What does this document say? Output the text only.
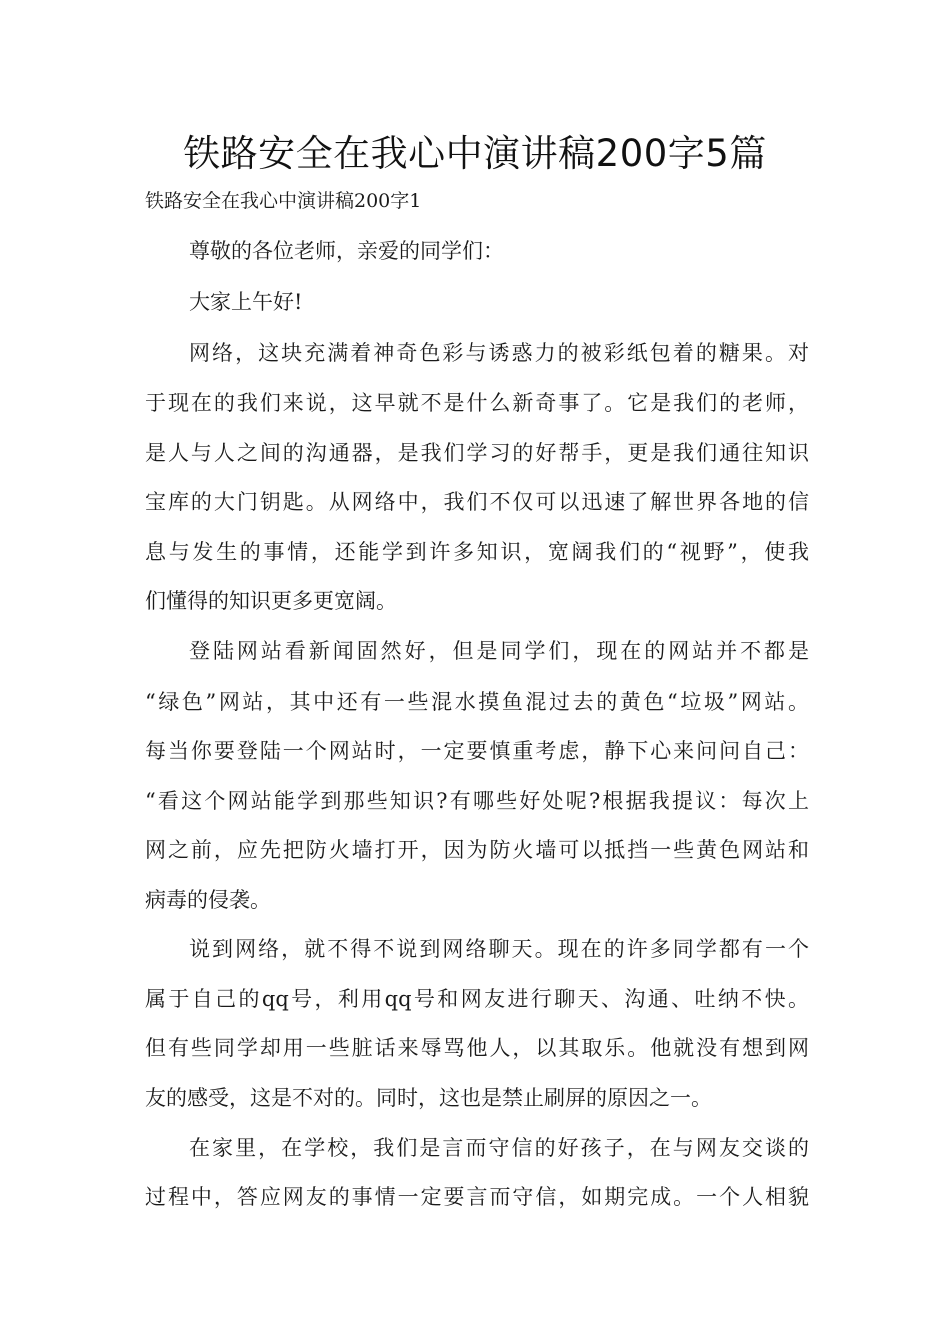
铁路安全在我心中演讲稿200字5篇
铁路安全在我心中演讲稿200字1
尊敬的各位老师，亲爱的同学们：
大家上午好!
网络，这块充满着神奇色彩与诱惑力的被彩纸包着的糖果。对
于现在的我们来说，这早就不是什么新奇事了。它是我们的老师，
是人与人之间的沟通器，是我们学习的好帮手，更是我们通往知识
宝库的大门钥匙。从网络中，我们不仅可以迅速了解世界各地的信
息与发生的事情，还能学到许多知识，宽阔我们的“视野”，使我
们懂得的知识更多更宽阔。
登陆网站看新闻固然好，但是同学们，现在的网站并不都是
“绿色”网站，其中还有一些混水摸鱼混过去的黄色“垃圾”网站。
每当你要登陆一个网站时，一定要慎重考虑，静下心来问问自己：
“看这个网站能学到那些知识?有哪些好处呢?根据我提议：每次上
网之前，应先把防火墙打开，因为防火墙可以抵挡一些黄色网站和
病毒的侵袭。
说到网络，就不得不说到网络聊天。现在的许多同学都有一个
属于自己的qq号，利用qq号和网友进行聊天、沟通、吐纳不快。
但有些同学却用一些脏话来辱骂他人，以其取乐。他就没有想到网
友的感受，这是不对的。同时，这也是禁止刷屏的原因之一。
在家里，在学校，我们是言而守信的好孩子，在与网友交谈的
过程中，答应网友的事情一定要言而守信，如期完成。一个人相貌
